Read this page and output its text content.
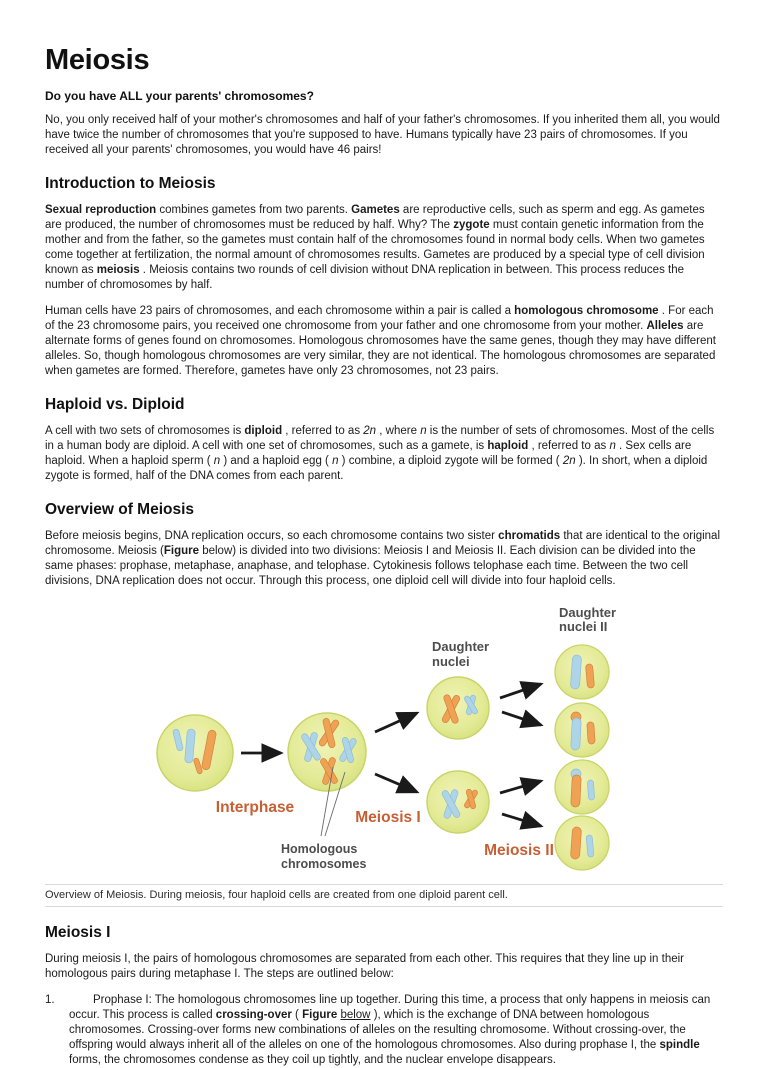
Meiosis

Do you have ALL your parents' chromosomes?

No, you only received half of your mother's chromosomes and half of your father's chromosomes. If you inherited them all, you would have twice the number of chromosomes that you're supposed to have. Humans typically have 23 pairs of chromosomes. If you received all your parents' chromosomes, you would have 46 pairs!

Introduction to Meiosis

Sexual reproduction combines gametes from two parents. Gametes are reproductive cells, such as sperm and egg. As gametes are produced, the number of chromosomes must be reduced by half. Why? The zygote must contain genetic information from the mother and from the father, so the gametes must contain half of the chromosomes found in normal body cells. When two gametes come together at fertilization, the normal amount of chromosomes results. Gametes are produced by a special type of cell division known as meiosis . Meiosis contains two rounds of cell division without DNA replication in between. This process reduces the number of chromosomes by half.

Human cells have 23 pairs of chromosomes, and each chromosome within a pair is called a homologous chromosome . For each of the 23 chromosome pairs, you received one chromosome from your father and one chromosome from your mother. Alleles are alternate forms of genes found on chromosomes. Homologous chromosomes have the same genes, though they may have different alleles. So, though homologous chromosomes are very similar, they are not identical. The homologous chromosomes are separated when gametes are formed. Therefore, gametes have only 23 chromosomes, not 23 pairs.

Haploid vs. Diploid

A cell with two sets of chromosomes is diploid , referred to as 2n , where n is the number of sets of chromosomes. Most of the cells in a human body are diploid. A cell with one set of chromosomes, such as a gamete, is haploid , referred to as n . Sex cells are haploid. When a haploid sperm ( n ) and a haploid egg ( n ) combine, a diploid zygote will be formed ( 2n ). In short, when a diploid zygote is formed, half of the DNA comes from each parent.

Overview of Meiosis

Before meiosis begins, DNA replication occurs, so each chromosome contains two sister chromatids that are identical to the original chromosome. Meiosis (Figure below) is divided into two divisions: Meiosis I and Meiosis II. Each division can be divided into the same phases: prophase, metaphase, anaphase, and telophase. Cytokinesis follows telophase each time. Between the two cell divisions, DNA replication does not occur. Through this process, one diploid cell will divide into four haploid cells.

Interphase
Meiosis I
Meiosis II
Daughter
nuclei
Daughter
nuclei II
Homologous
chromosomes
Overview of Meiosis. During meiosis, four haploid cells are created from one diploid parent cell.
Meiosis I

During meiosis I, the pairs of homologous chromosomes are separated from each other. This requires that they line up in their homologous pairs during metaphase I. The steps are outlined below:

1.	Prophase I: The homologous chromosomes line up together. During this time, a process that only happens in meiosis can occur. This process is called crossing-over ( Figure below ), which is the exchange of DNA between homologous chromosomes. Crossing-over forms new combinations of alleles on the resulting chromosome. Without crossing-over, the offspring would always inherit all of the alleles on one of the homologous chromosomes. Also during prophase I, the spindle forms, the chromosomes condense as they coil up tightly, and the nuclear envelope disappears.
